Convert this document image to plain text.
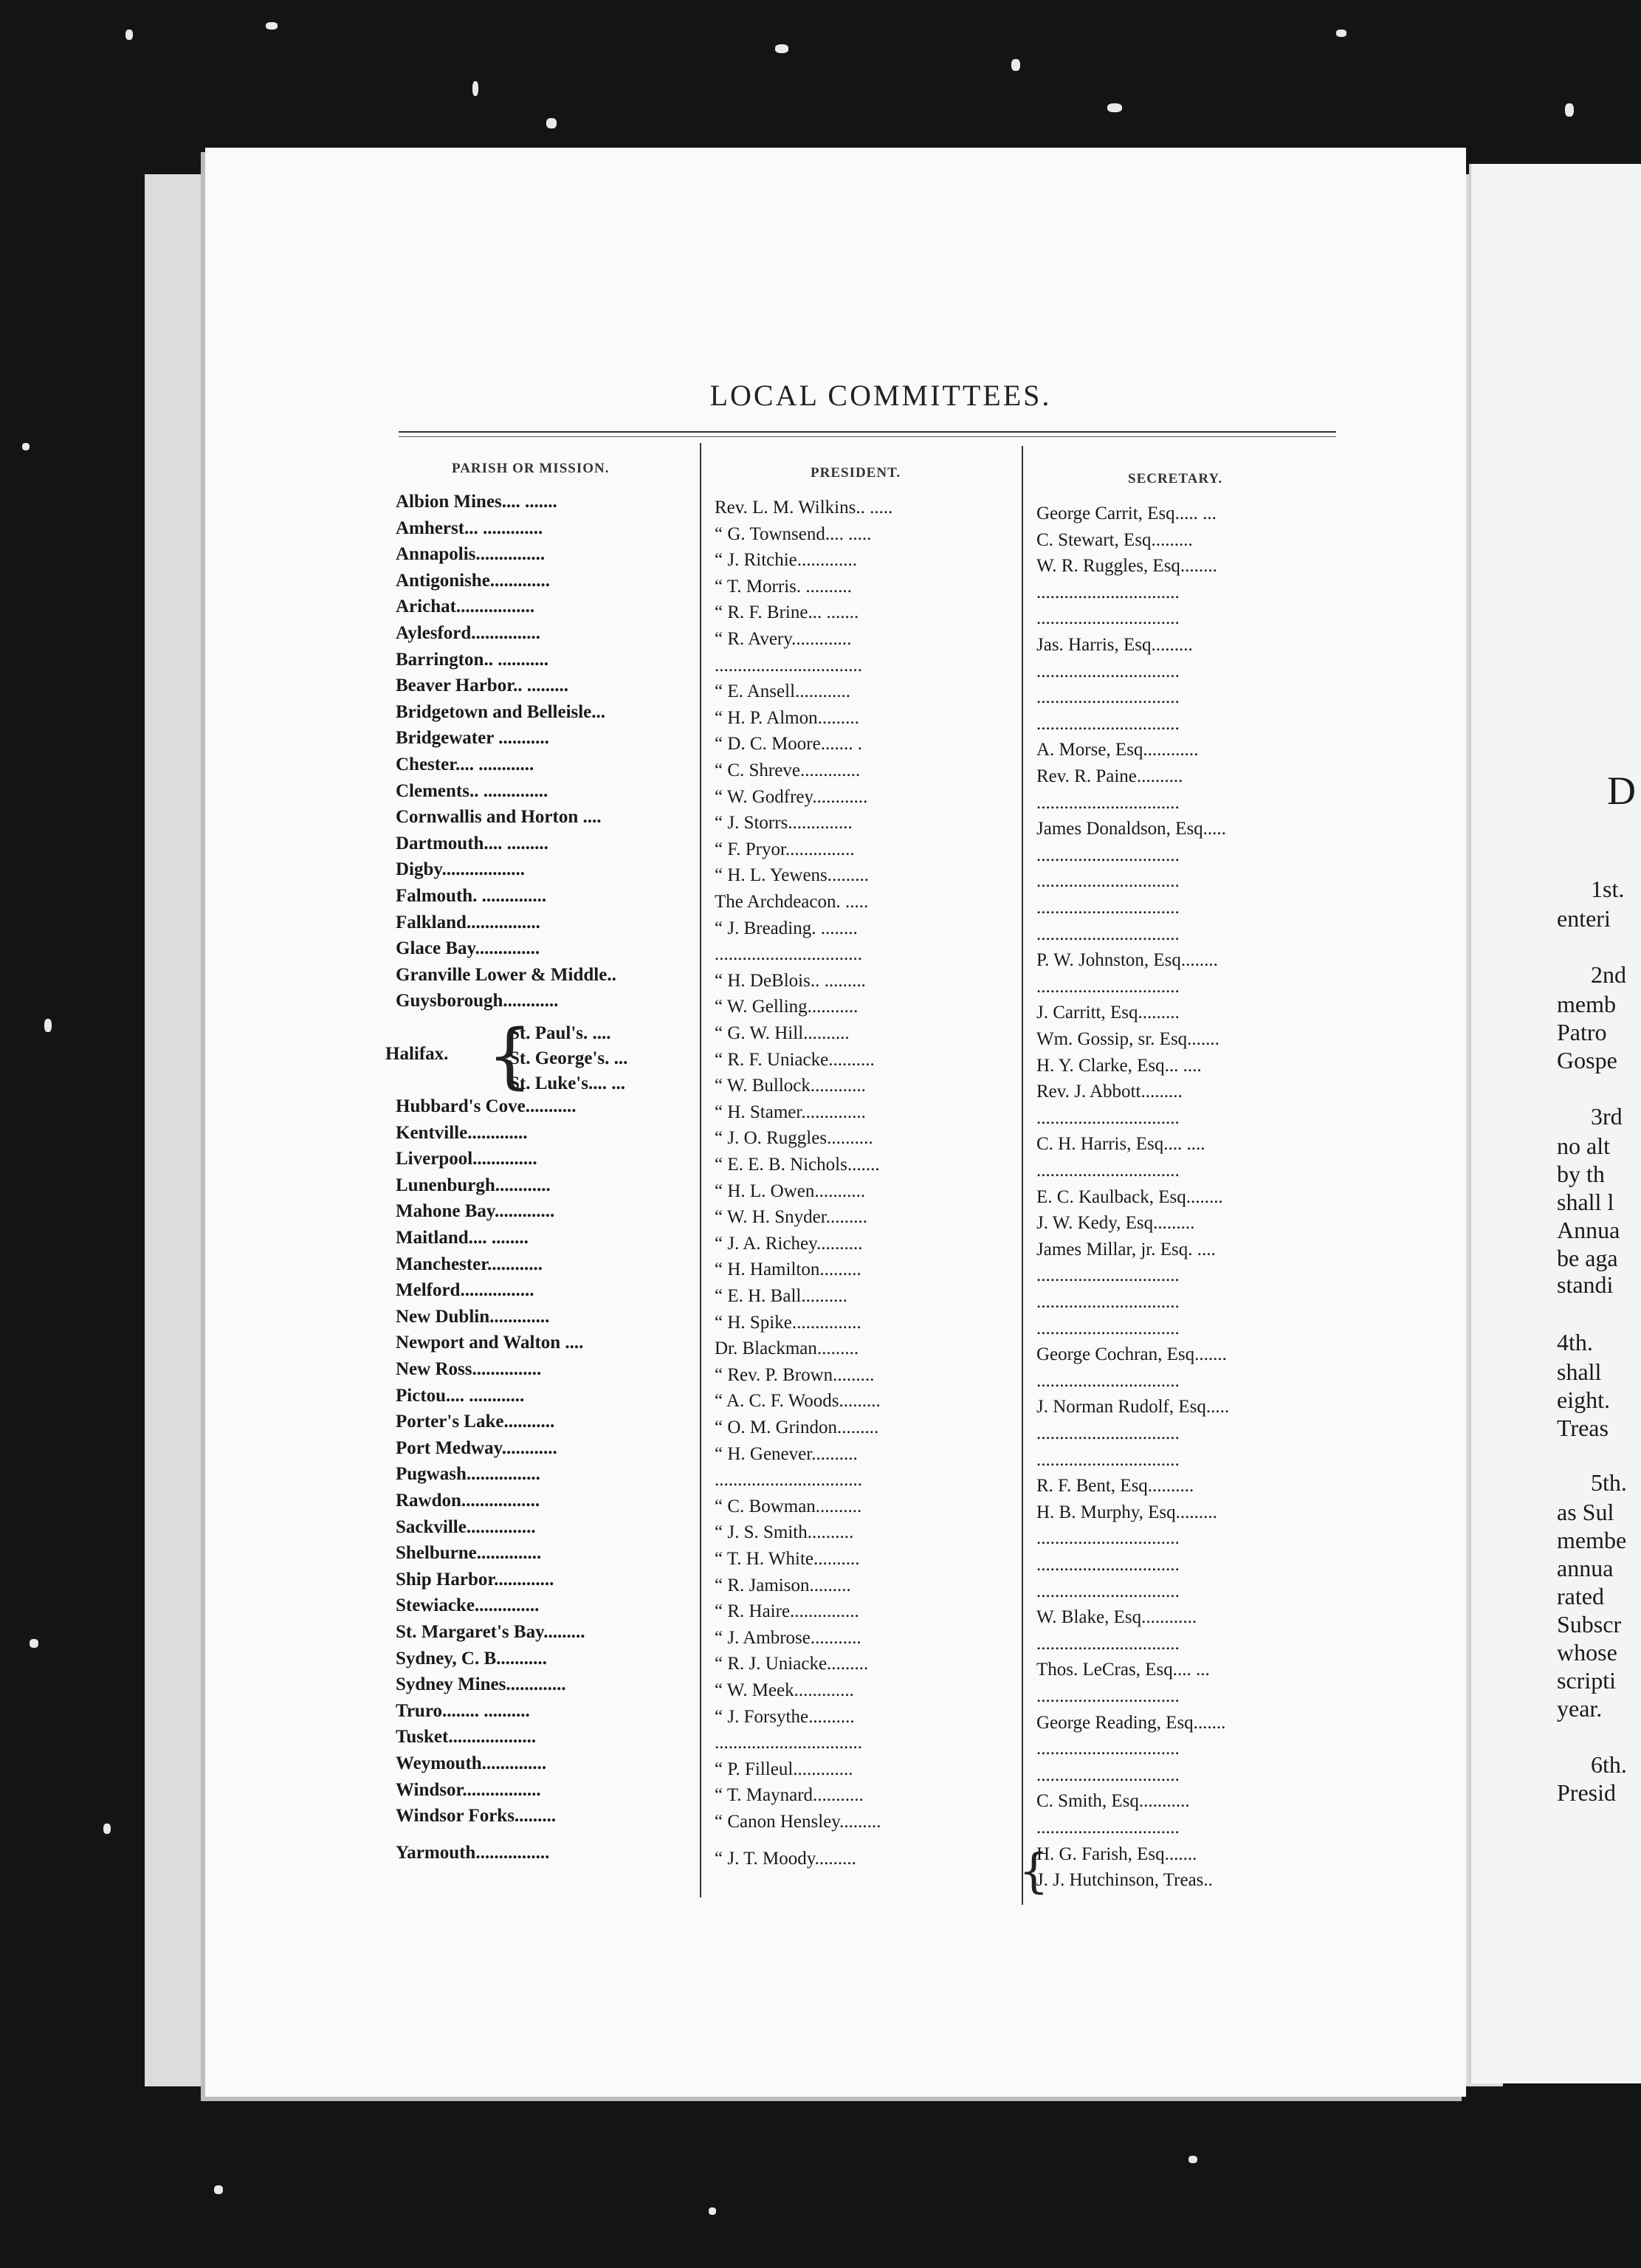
D
1st.
enteri
2nd
memb
Patro
Gospe
3rd
no alt
by th
shall l
Annua
be aga
standi
4th.
shall
eight.
Treas
5th.
as Sul
membe
annua
rated
Subscr
whose
scripti
year.
6th.
Presid
LOCAL COMMITTEES.
PARISH OR MISSION.	PRESIDENT.	SECRETARY.
Albion Mines.... .......
Amherst... .............
Annapolis...............
Antigonishe.............
Arichat.................
Aylesford...............
Barrington.. ...........
Beaver Harbor.. .........
Bridgetown and Belleisle...
Bridgewater ...........
Chester.... ............
Clements.. ..............
Cornwallis and Horton ....
Dartmouth.... .........
Digby..................
Falmouth. ..............
Falkland................
Glace Bay..............
Granville Lower & Middle..
Guysborough............
Hubbard's Cove...........
Kentville.............
Liverpool..............
Lunenburgh............
Mahone Bay.............
Maitland.... ........
Manchester............
Melford................
New Dublin.............
Newport and Walton ....
New Ross...............
Pictou.... ............
Porter's Lake...........
Port Medway............
Pugwash................
Rawdon.................
Sackville...............
Shelburne..............
Ship Harbor.............
Stewiacke..............
St. Margaret's Bay.........
Sydney, C. B...........
Sydney Mines.............
Truro........ ..........
Tusket...................
Weymouth..............
Windsor.................
Windsor Forks.........
Yarmouth................
Rev. L. M. Wilkins.. .....
“ G. Townsend.... .....
“ J. Ritchie.............
“ T. Morris. ..........
“ R. F. Brine... .......
“ R. Avery.............
................................
“ E. Ansell............
“ H. P. Almon.........
“ D. C. Moore....... .
“ C. Shreve.............
“ W. Godfrey............
“ J. Storrs..............
“ F. Pryor...............
“ H. L. Yewens.........
The Archdeacon. .....
“ J. Breading. ........
................................
“ H. DeBlois.. .........
“ W. Gelling...........
“ G. W. Hill..........
“ R. F. Uniacke..........
“ W. Bullock............
“ H. Stamer..............
“ J. O. Ruggles..........
“ E. E. B. Nichols.......
“ H. L. Owen...........
“ W. H. Snyder.........
“ J. A. Richey..........
“ H. Hamilton.........
“ E. H. Ball..........
“ H. Spike...............
Dr. Blackman.........
“ Rev. P. Brown.........
“ A. C. F. Woods.........
“ O. M. Grindon.........
“ H. Genever..........
................................
“ C. Bowman..........
“ J. S. Smith..........
“ T. H. White..........
“ R. Jamison.........
“ R. Haire...............
“ J. Ambrose...........
“ R. J. Uniacke.........
“ W. Meek.............
“ J. Forsythe..........
................................
“ P. Filleul.............
“ T. Maynard...........
“ Canon Hensley.........
“ J. T. Moody.........
George Carrit, Esq..... ...
C. Stewart, Esq.........
W. R. Ruggles, Esq........
...............................
...............................
Jas. Harris, Esq.........
...............................
...............................
...............................
A. Morse, Esq............
Rev. R. Paine..........
...............................
James Donaldson, Esq.....
...............................
...............................
...............................
...............................
P. W. Johnston, Esq........
...............................
J. Carritt, Esq.........
Wm. Gossip, sr. Esq.......
H. Y. Clarke, Esq... ....
Rev. J. Abbott.........
...............................
C. H. Harris, Esq.... ....
...............................
E. C. Kaulback, Esq........
J. W. Kedy, Esq.........
James Millar, jr. Esq. ....
...............................
...............................
...............................
George Cochran, Esq.......
...............................
J. Norman Rudolf, Esq.....
...............................
...............................
R. F. Bent, Esq..........
H. B. Murphy, Esq.........
...............................
...............................
...............................
W. Blake, Esq............
...............................
Thos. LeCras, Esq.... ...
...............................
George Reading, Esq.......
...............................
...............................
C. Smith, Esq...........
...............................
H. G. Farish, Esq.......
J. J. Hutchinson, Treas..
Halifax. {
St. Paul's. ....
St. George's. ...
St. Luke's.... ...
{
